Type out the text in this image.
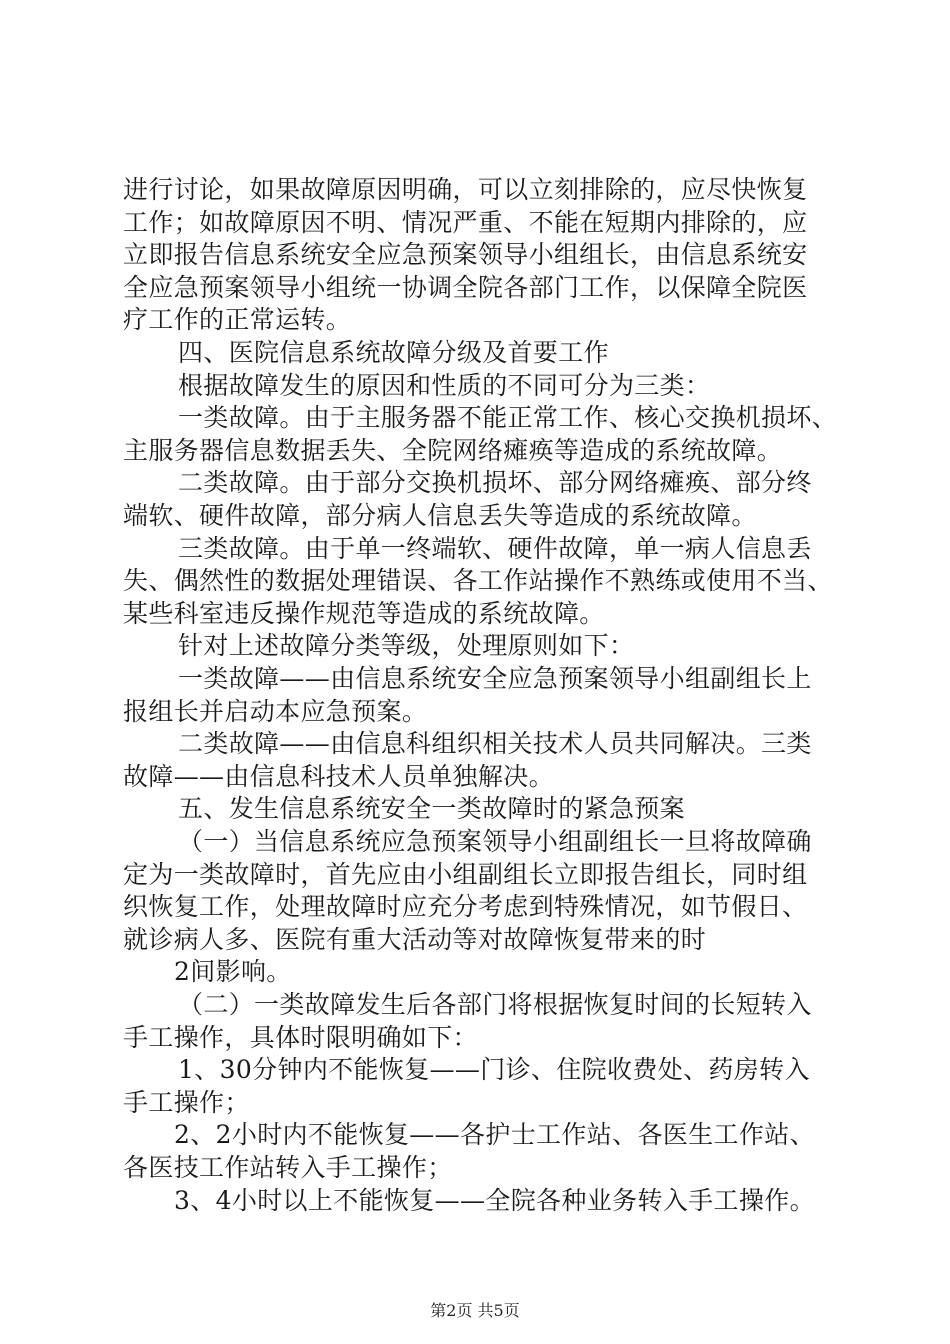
进行讨论，如果故障原因明确，可以立刻排除的，应尽快恢复
工作；如故障原因不明、情况严重、不能在短期内排除的，应
立即报告信息系统安全应急预案领导小组组长，由信息系统安
全应急预案领导小组统一协调全院各部门工作，以保障全院医
疗工作的正常运转。
四、医院信息系统故障分级及首要工作
根据故障发生的原因和性质的不同可分为三类：
一类故障。由于主服务器不能正常工作、核心交换机损坏、
主服务器信息数据丢失、全院网络瘫痪等造成的系统故障。
二类故障。由于部分交换机损坏、部分网络瘫痪、部分终
端软、硬件故障，部分病人信息丢失等造成的系统故障。
三类故障。由于单一终端软、硬件故障，单一病人信息丢
失、偶然性的数据处理错误、各工作站操作不熟练或使用不当、
某些科室违反操作规范等造成的系统故障。
针对上述故障分类等级，处理原则如下：
一类故障——由信息系统安全应急预案领导小组副组长上
报组长并启动本应急预案。
二类故障——由信息科组织相关技术人员共同解决。三类
故障——由信息科技术人员单独解决。
五、发生信息系统安全一类故障时的紧急预案
（一）当信息系统应急预案领导小组副组长一旦将故障确
定为一类故障时，首先应由小组副组长立即报告组长，同时组
织恢复工作，处理故障时应充分考虑到特殊情况，如节假日、
就诊病人多、医院有重大活动等对故障恢复带来的时
2间影响。
（二）一类故障发生后各部门将根据恢复时间的长短转入
手工操作，具体时限明确如下：
1、30分钟内不能恢复——门诊、住院收费处、药房转入
手工操作；
2、2小时内不能恢复——各护士工作站、各医生工作站、
第2页 共5页
各医技工作站转入手工操作；
3、4小时以上不能恢复——全院各种业务转入手工操作。
